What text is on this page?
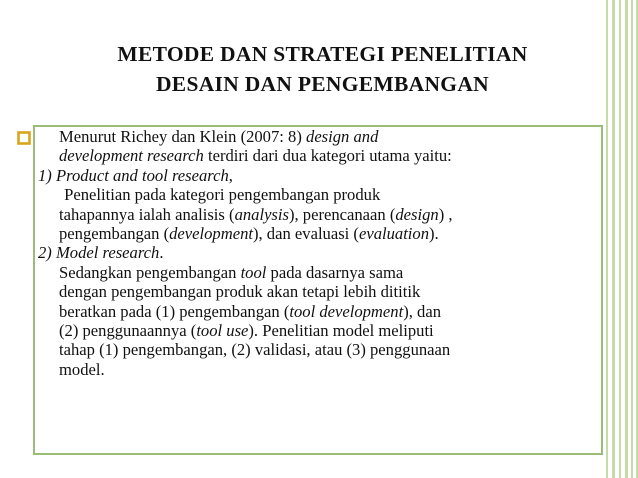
METODE DAN STRATEGI PENELITIAN
DESAIN DAN PENGEMBANGAN
Menurut Richey dan Klein (2007: 8) design and
development research terdiri dari dua kategori utama yaitu:
1) Product and tool research,
Penelitian pada kategori pengembangan produk
tahapannya ialah analisis (analysis), perencanaan (design) ,
pengembangan (development), dan evaluasi (evaluation).
2) Model research.
Sedangkan pengembangan tool pada dasarnya sama
dengan pengembangan produk akan tetapi lebih dititik
beratkan pada (1) pengembangan (tool development), dan
(2) penggunaannya (tool use). Penelitian model meliputi
tahap (1) pengembangan, (2) validasi, atau (3) penggunaan
model.
